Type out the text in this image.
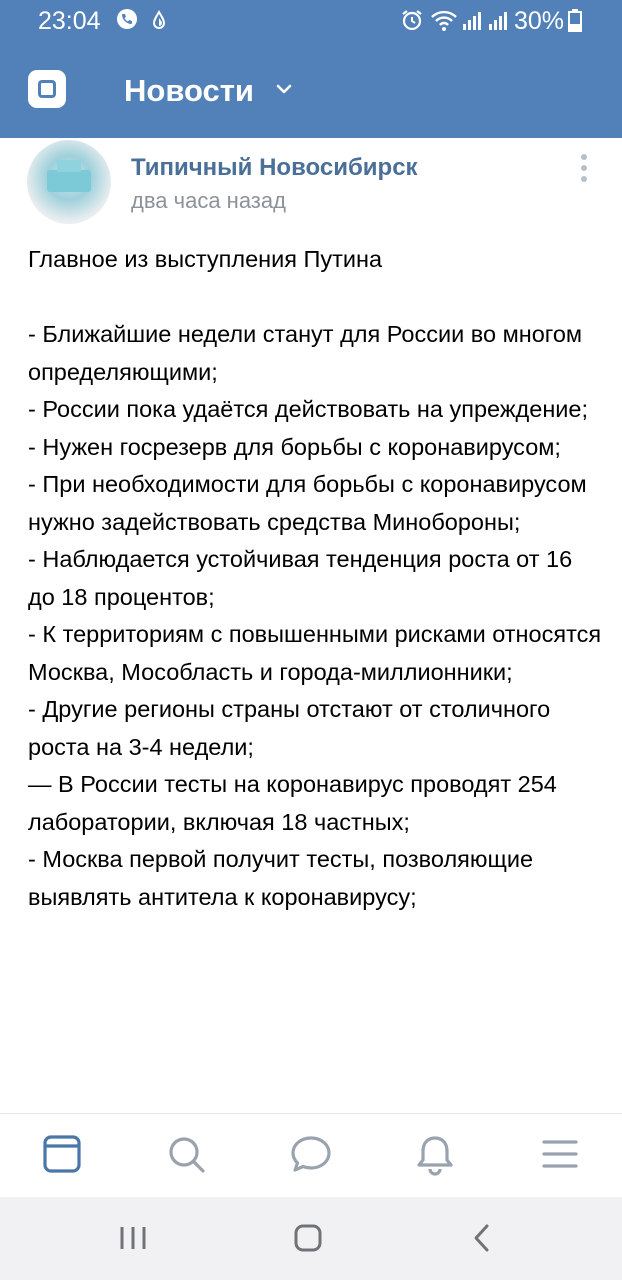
23:04	30%
Новости
Типичный Новосибирск
два часа назад
Главное из выступления Путина

- Ближайшие недели станут для России во многом определяющими;
- России пока удаётся действовать на упреждение;
- Нужен госрезерв для борьбы с коронавирусом;
- При необходимости для борьбы с коронавирусом нужно задействовать средства Минобороны;
- Наблюдается устойчивая тенденция роста от 16 до 18 процентов;
- К территориям с повышенными рисками относятся Москва, Мособласть и города-миллионники;
- Другие регионы страны отстают от столичного роста на 3-4 недели;
— В России тесты на коронавирус проводят 254 лаборатории, включая 18 частных;
- Москва первой получит тесты, позволяющие выявлять антитела к коронавирусу;
